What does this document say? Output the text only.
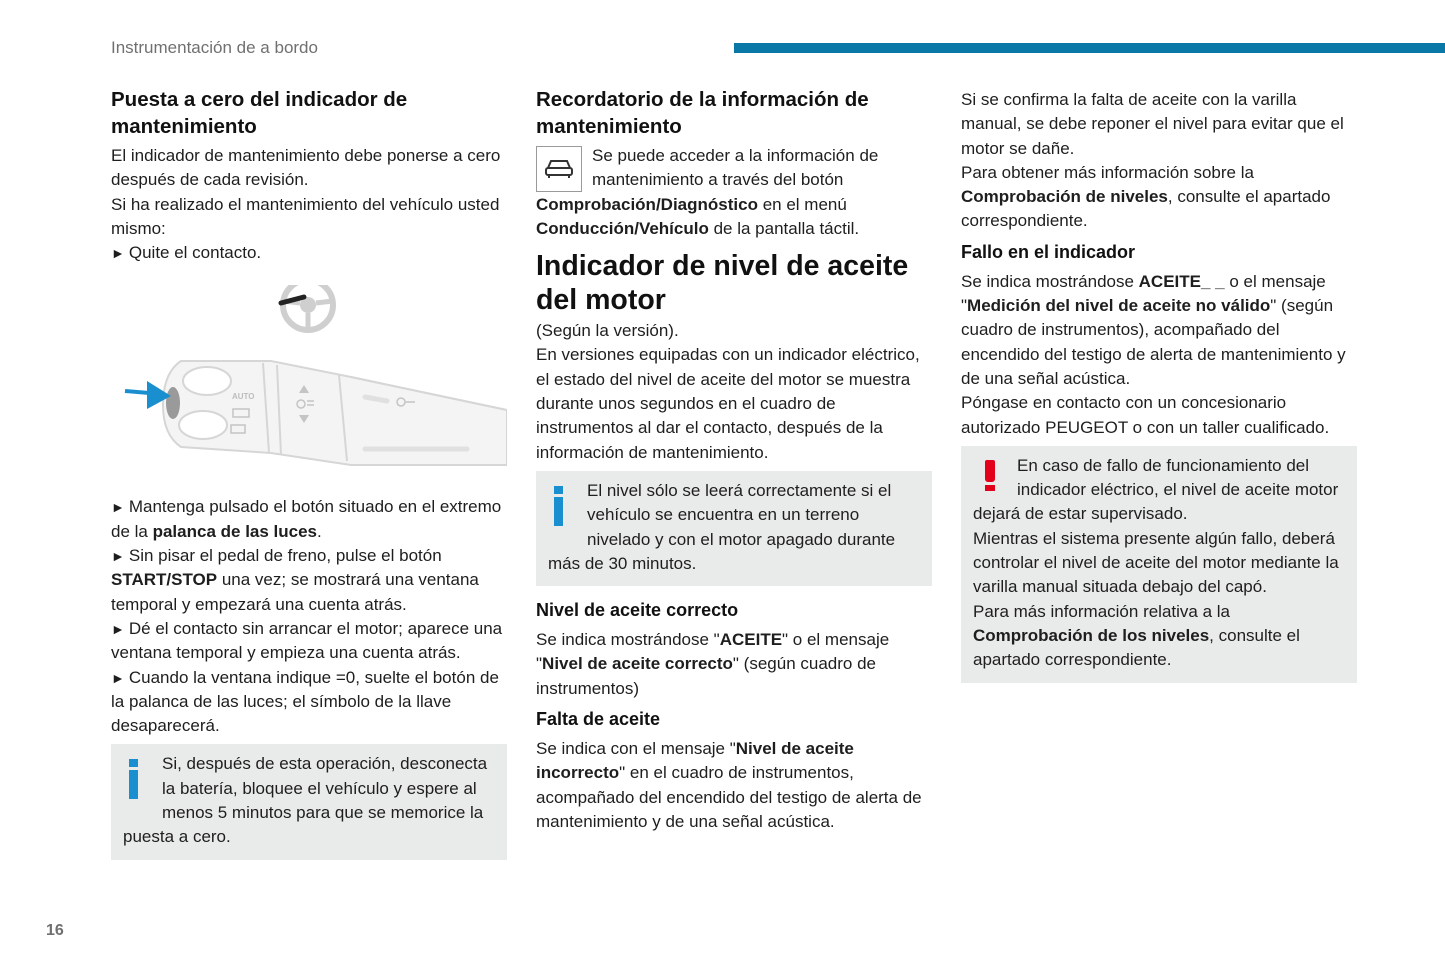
Instrumentación de a bordo
Puesta a cero del indicador de mantenimiento

El indicador de mantenimiento debe ponerse a cero después de cada revisión.

Si ha realizado el mantenimiento del vehículo usted mismo:

► Quite el contacto.

AUTO

► Mantenga pulsado el botón situado en el extremo de la palanca de las luces.

► Sin pisar el pedal de freno, pulse el botón START/STOP una vez; se mostrará una ventana temporal y empezará una cuenta atrás.

► Dé el contacto sin arrancar el motor; aparece una ventana temporal y empieza una cuenta atrás.

► Cuando la ventana indique =0, suelte el botón de la palanca de las luces; el símbolo de la llave desaparecerá.

Si, después de esta operación, desconecta la batería, bloquee el vehículo y espere al menos 5 minutos para que se memorice la puesta a cero.

Recordatorio de la información de mantenimiento

Se puede acceder a la información de mantenimiento a través del botón Comprobación/Diagnóstico en el menú Conducción/Vehículo de la pantalla táctil.

Indicador de nivel de aceite del motor

(Según la versión).

En versiones equipadas con un indicador eléctrico, el estado del nivel de aceite del motor se muestra durante unos segundos en el cuadro de instrumentos al dar el contacto, después de la información de mantenimiento.

El nivel sólo se leerá correctamente si el vehículo se encuentra en un terreno nivelado y con el motor apagado durante más de 30 minutos.

Nivel de aceite correcto

Se indica mostrándose "ACEITE" o el mensaje "Nivel de aceite correcto" (según cuadro de instrumentos)

Falta de aceite

Se indica con el mensaje "Nivel de aceite incorrecto" en el cuadro de instrumentos, acompañado del encendido del testigo de alerta de mantenimiento y de una señal acústica.

Si se confirma la falta de aceite con la varilla manual, se debe reponer el nivel para evitar que el motor se dañe.

Para obtener más información sobre la Comprobación de niveles, consulte el apartado correspondiente.

Fallo en el indicador

Se indica mostrándose ACEITE_ _ o el mensaje "Medición del nivel de aceite no válido" (según cuadro de instrumentos), acompañado del encendido del testigo de alerta de mantenimiento y de una señal acústica.

Póngase en contacto con un concesionario autorizado PEUGEOT o con un taller cualificado.

En caso de fallo de funcionamiento del indicador eléctrico, el nivel de aceite motor dejará de estar supervisado.

Mientras el sistema presente algún fallo, deberá controlar el nivel de aceite del motor mediante la varilla manual situada debajo del capó.

Para más información relativa a la Comprobación de los niveles, consulte el apartado correspondiente.

16
